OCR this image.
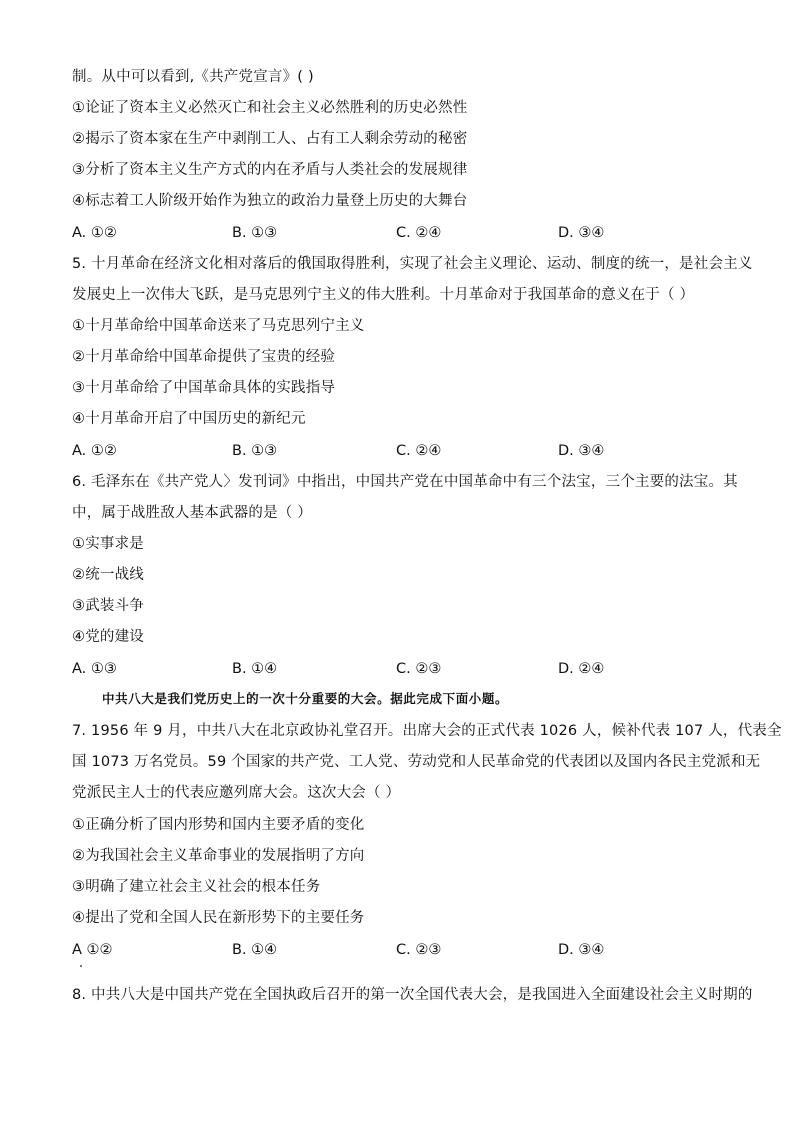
制。从中可以看到,《共产党宣言》( )
①论证了资本主义必然灭亡和社会主义必然胜利的历史必然性
②揭示了资本家在生产中剥削工人、占有工人剩余劳动的秘密
③分析了资本主义生产方式的内在矛盾与人类社会的发展规律
④标志着工人阶级开始作为独立的政治力量登上历史的大舞台
A. ①②	B. ①③	C. ②④	D. ③④
5. 十月革命在经济文化相对落后的俄国取得胜利，实现了社会主义理论、运动、制度的统一，是社会主义
发展史上一次伟大飞跃，是马克思列宁主义的伟大胜利。十月革命对于我国革命的意义在于（ ）
①十月革命给中国革命送来了马克思列宁主义
②十月革命给中国革命提供了宝贵的经验
③十月革命给了中国革命具体的实践指导
④十月革命开启了中国历史的新纪元
A. ①②	B. ①③	C. ②④	D. ③④
6. 毛泽东在《共产党人〉发刊词》中指出，中国共产党在中国革命中有三个法宝，三个主要的法宝。其
中，属于战胜敌人基本武器的是（ ）
①实事求是
②统一战线
③武装斗争
④党的建设
A. ①③	B. ①④	C. ②③	D. ②④
中共八大是我们党历史上的一次十分重要的大会。据此完成下面小题。
7. 1956 年 9 月，中共八大在北京政协礼堂召开。出席大会的正式代表 1026 人，候补代表 107 人，代表全
国 1073 万名党员。59 个国家的共产党、工人党、劳动党和人民革命党的代表团以及国内各民主党派和无
党派民主人士的代表应邀列席大会。这次大会（ ）
①正确分析了国内形势和国内主要矛盾的变化
②为我国社会主义革命事业的发展指明了方向
③明确了建立社会主义社会的根本任务
④提出了党和全国人民在新形势下的主要任务
A ①②	B. ①④	C. ②③	D. ③④
8. 中共八大是中国共产党在全国执政后召开的第一次全国代表大会，是我国进入全面建设社会主义时期的
